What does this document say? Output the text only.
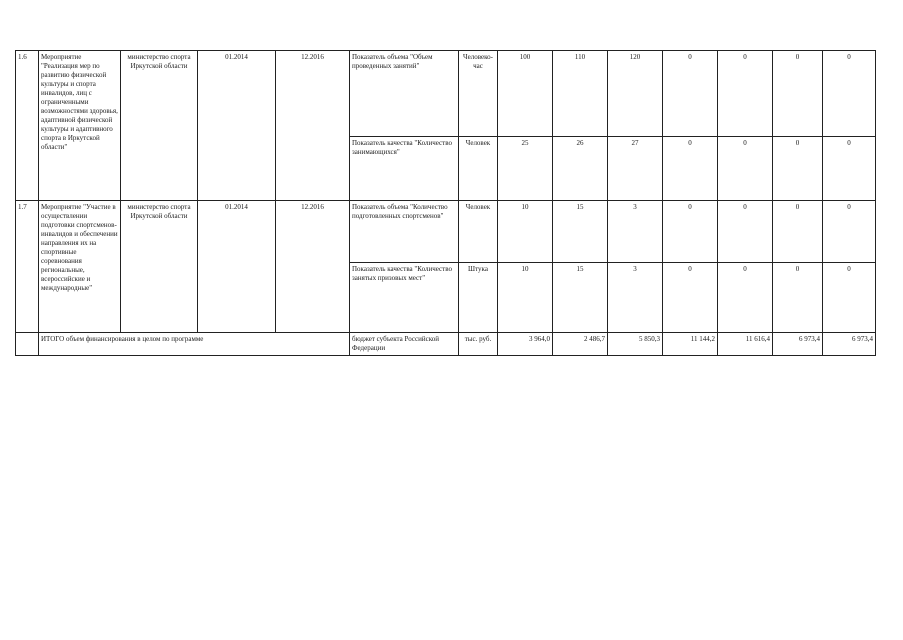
1.6	Мероприятие "Реализация мер по развитию физической культуры и спорта инвалидов, лиц с ограниченными возможностями здоровья, адаптивной физической культуры и адаптивного спорта в Иркутской области"	министерство спорта Иркутской области	01.2014	12.2016	Показатель объема "Объем проведенных занятий"	Человеко-час	100	110	120	0	0	0	0
					Показатель качества "Количество занимающихся"	Человек	25	26	27	0	0	0	0
1.7	Мероприятие "Участие в осуществлении подготовки спортсменов-инвалидов и обеспечении направления их на спортивные соревнования региональные, всероссийские и международные"	министерство спорта Иркутской области	01.2014	12.2016	Показатель объема "Количество подготовленных спортсменов"	Человек	10	15	3	0	0	0	0
					Показатель качества "Количество занятых призовых мест"	Штука	10	15	3	0	0	0	0
	ИТОГО объем финансирования в целом по программе				бюджет субъекта Российской Федерации	тыс. руб.	3 964,0	2 486,7	5 850,3	11 144,2	11 616,4	6 973,4	6 973,4
